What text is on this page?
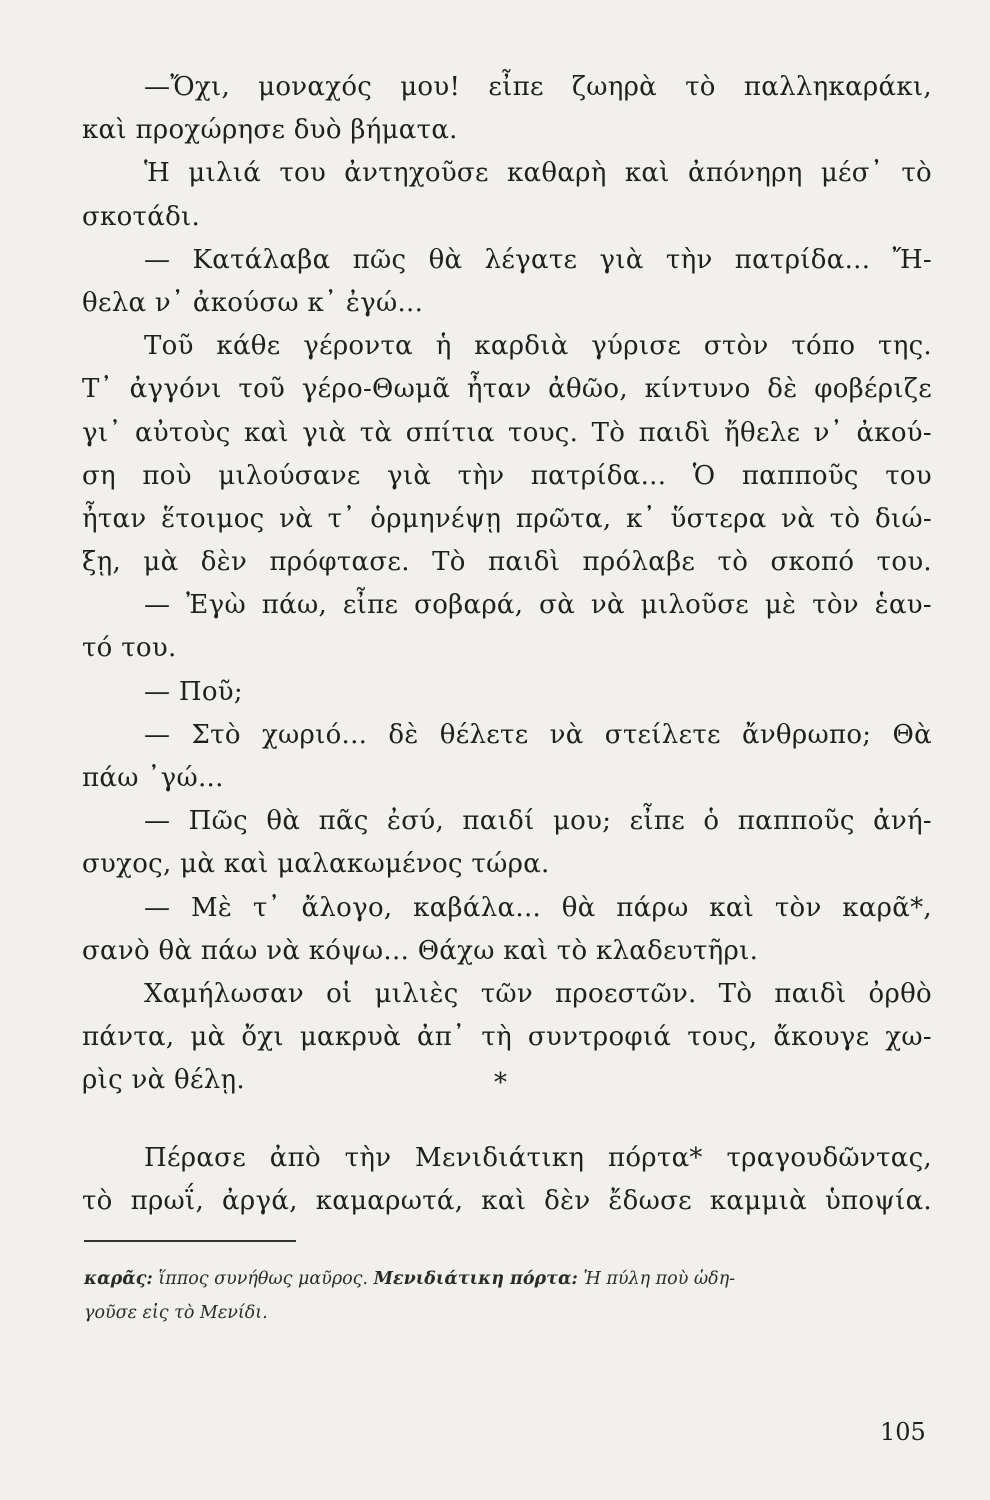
—Ὄχι, μοναχός μου! εἶπε ζωηρὰ τὸ παλληκαράκι,
καὶ προχώρησε δυὸ βήματα.
Ἡ μιλιά του ἀντηχοῦσε καθαρὴ καὶ ἀπόνηρη μέσ᾽ τὸ
σκοτάδι.
— Κατάλαβα πῶς θὰ λέγατε γιὰ τὴν πατρίδα... Ἤ-
θελα ν᾽ ἀκούσω κ᾽ ἐγώ...
Τοῦ κάθε γέροντα ἡ καρδιὰ γύρισε στὸν τόπο της.
Τ᾽ ἀγγόνι τοῦ γέρο-Θωμᾶ ἦταν ἀθῶο, κίντυνο δὲ φοβέριζε
γι᾽ αὐτοὺς καὶ γιὰ τὰ σπίτια τους. Τὸ παιδὶ ἤθελε ν᾽ ἀκού-
ση ποὺ μιλούσανε γιὰ τὴν πατρίδα... Ὁ παπποῦς του
ἦταν ἕτοιμος νὰ τ᾽ ὁρμηνέψῃ πρῶτα, κ᾽ ὕστερα νὰ τὸ διώ-
ξῃ, μὰ δὲν πρόφτασε. Τὸ παιδὶ πρόλαβε τὸ σκοπό του.
— Ἐγὼ πάω, εἶπε σοβαρά, σὰ νὰ μιλοῦσε μὲ τὸν ἑαυ-
τό του.
— Ποῦ;
— Στὸ χωριό... δὲ θέλετε νὰ στείλετε ἄνθρωπο; Θὰ
πάω ᾽γώ...
— Πῶς θὰ πᾶς ἐσύ, παιδί μου; εἶπε ὁ παπποῦς ἀνή-
συχος, μὰ καὶ μαλακωμένος τώρα.
— Μὲ τ᾽ ἄλογο, καβάλα... θὰ πάρω καὶ τὸν καρᾶ*,
σανὸ θὰ πάω νὰ κόψω... Θάχω καὶ τὸ κλαδευτῆρι.
Χαμήλωσαν οἱ μιλιὲς τῶν προεστῶν. Τὸ παιδὶ ὀρθὸ
πάντα, μὰ ὄχι μακρυὰ ἀπ᾽ τὴ συντροφιά τους, ἄκουγε χω-
ρὶς νὰ θέλῃ.	*
Πέρασε ἀπὸ τὴν Μενιδιάτικη πόρτα* τραγουδῶντας,
τὸ πρωΐ, ἀργά, καμαρωτά, καὶ δὲν ἔδωσε καμμιὰ ὑποψία.
καρᾶς: ἵππος συνήθως μαῦρος. Μενιδιάτικη πόρτα: Ἡ πύλη ποὺ ὡδη-
γοῦσε εἰς τὸ Μενίδι.
105
